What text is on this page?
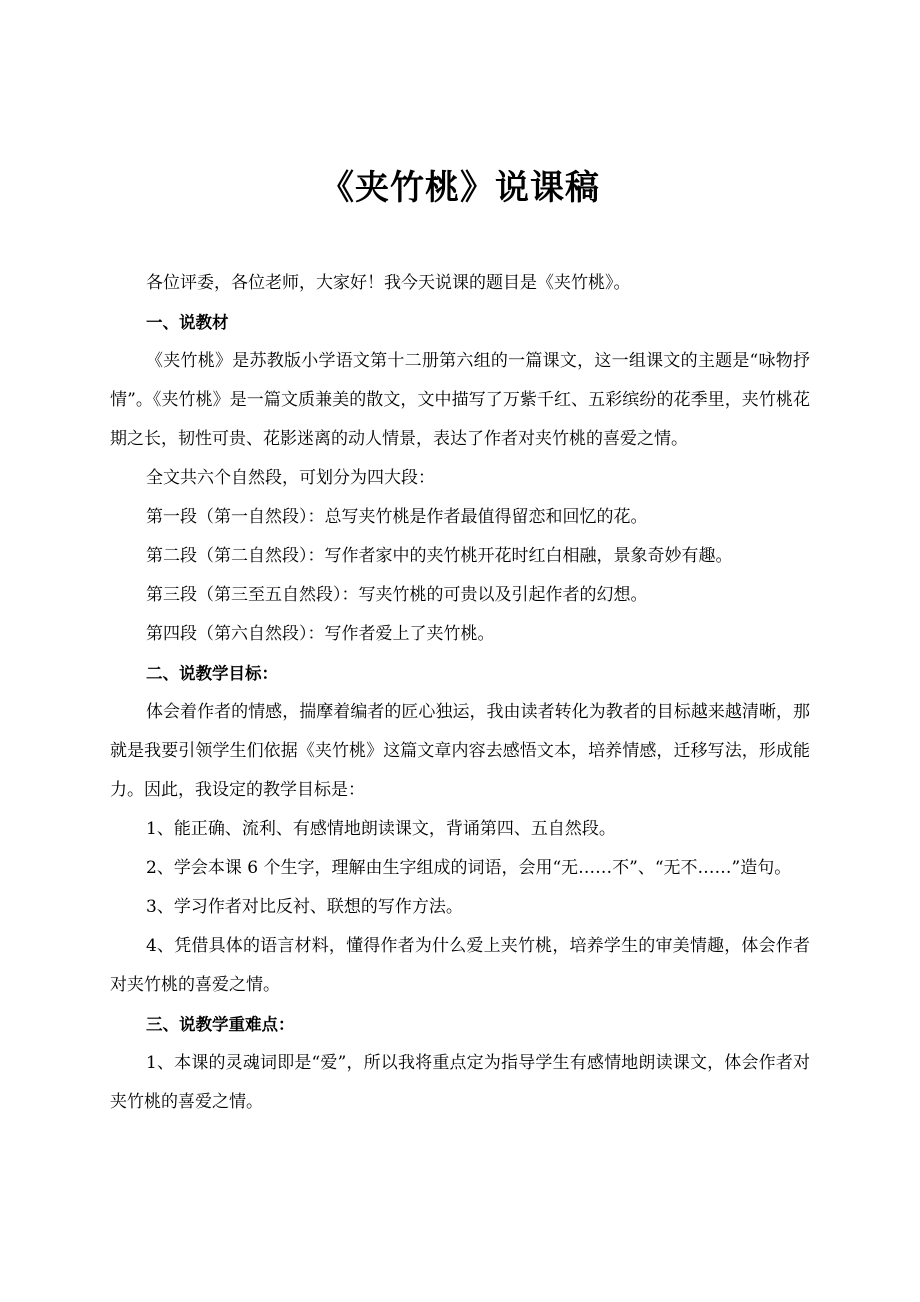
《夹竹桃》说课稿

各位评委，各位老师，大家好！我今天说课的题目是《夹竹桃》。

一、说教材

《夹竹桃》是苏教版小学语文第十二册第六组的一篇课文，这一组课文的主题是“咏物抒情”。《夹竹桃》是一篇文质兼美的散文，文中描写了万紫千红、五彩缤纷的花季里，夹竹桃花期之长，韧性可贵、花影迷离的动人情景，表达了作者对夹竹桃的喜爱之情。

全文共六个自然段，可划分为四大段：

第一段（第一自然段）：总写夹竹桃是作者最值得留恋和回忆的花。

第二段（第二自然段）：写作者家中的夹竹桃开花时红白相融，景象奇妙有趣。

第三段（第三至五自然段）：写夹竹桃的可贵以及引起作者的幻想。

第四段（第六自然段）：写作者爱上了夹竹桃。

二、说教学目标：

体会着作者的情感，揣摩着编者的匠心独运，我由读者转化为教者的目标越来越清晰，那就是我要引领学生们依据《夹竹桃》这篇文章内容去感悟文本，培养情感，迁移写法，形成能力。因此，我设定的教学目标是：

1、能正确、流利、有感情地朗读课文，背诵第四、五自然段。

2、学会本课 6 个生字，理解由生字组成的词语，会用“无……不”、“无不……”造句。

3、学习作者对比反衬、联想的写作方法。

4、凭借具体的语言材料，懂得作者为什么爱上夹竹桃，培养学生的审美情趣，体会作者对夹竹桃的喜爱之情。

三、说教学重难点：

1、本课的灵魂词即是“爱”，所以我将重点定为指导学生有感情地朗读课文，体会作者对夹竹桃的喜爱之情。
